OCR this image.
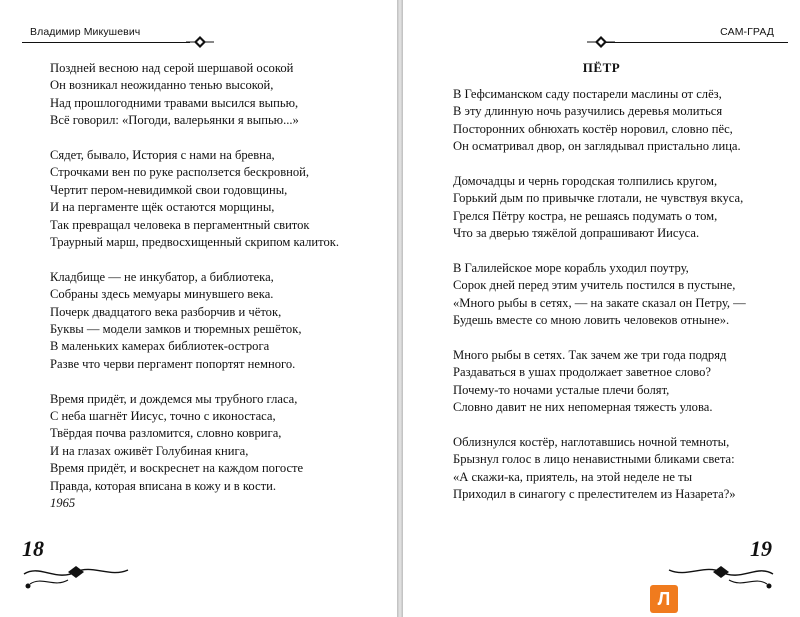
Владимир Микушевич
Поздней весною над серой шершавой осокой
Он возникал неожиданно тенью высокой,
Над прошлогодними травами высился выпью,
Всё говорил: «Погоди, валерьянки я выпью...»
Сядет, бывало, История с нами на бревна,
Строчками вен по руке расползется бескровной,
Чертит пером-невидимкой свои годовщины,
И на пергаменте щёк остаются морщины,
Так превращал человека в пергаментный свиток
Траурный марш, предвосхищенный скрипом калиток.
Кладбище — не инкубатор, а библиотека,
Собраны здесь мемуары минувшего века.
Почерк двадцатого века разборчив и чёток,
Буквы — модели замков и тюремных решёток,
В маленьких камерах библиотек-острога
Разве что черви пергамент попортят немного.
Время придёт, и дождемся мы трубного гласа,
С неба шагнёт Иисус, точно с иконостаса,
Твёрдая почва разломится, словно коврига,
И на глазах оживёт Голубиная книга,
Время придёт, и воскреснет на каждом погосте
Правда, которая вписана в кожу и в кости.
1965
18
САМ-ГРАД
ПЁТР
В Гефсиманском саду постарели маслины от слёз,
В эту длинную ночь разучились деревья молиться
Посторонних обнюхать костёр норовил, словно пёс,
Он осматривал двор, он заглядывал пристально лица.
Домочадцы и чернь городская толпились кругом,
Горький дым по привычке глотали, не чувствуя вкуса,
Грелся Пётру костра, не решаясь подумать о том,
Что за дверью тяжёлой допрашивают Иисуса.
В Галилейское море корабль уходил поутру,
Сорок дней перед этим учитель постился в пустыне,
«Много рыбы в сетях, — на закате сказал он Петру, —
Будешь вместе со мною ловить человеков отныне».
Много рыбы в сетях. Так зачем же три года подряд
Раздаваться в ушах продолжает заветное слово?
Почему-то ночами усталые плечи болят,
Словно давит не них непомерная тяжесть улова.
Облизнулся костёр, наглотавшись ночной темноты,
Брызнул голос в лицо ненавистными бликами света:
«А скажи-ка, приятель, на этой неделе не ты
Приходил в синагогу с прелестителем из Назарета?»
19
Л
